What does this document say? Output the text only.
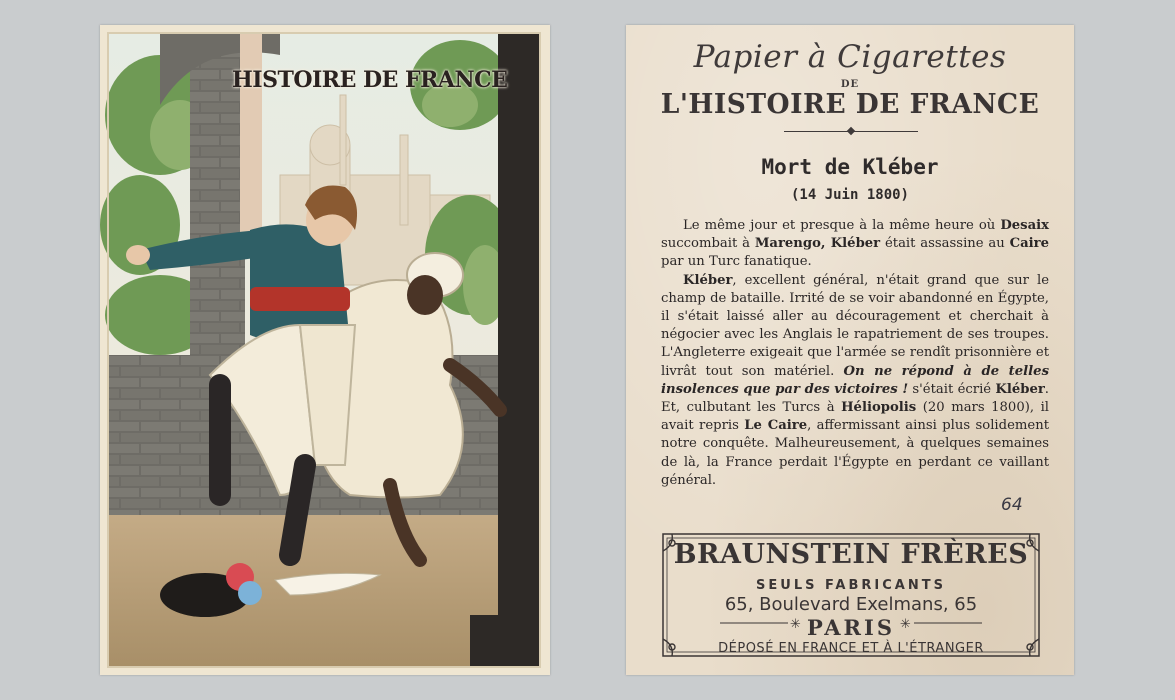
HISTOIRE DE FRANCE
Papier à Cigarettes
DE
L'HISTOIRE DE FRANCE
Mort de Kléber
(14 Juin 1800)

Le même jour et presque à la même heure où Desaix succombait à Marengo, Kléber était assassine au Caire par un Turc fanatique.

Kléber, excellent général, n'était grand que sur le champ de bataille. Irrité de se voir abandonné en Égypte, il s'était laissé aller au découragement et cherchait à négocier avec les Anglais le rapatriement de ses troupes. L'Angleterre exigeait que l'armée se rendît prisonnière et livrât tout son matériel. On ne répond à de telles insolences que par des victoires ! s'était écrié Kléber. Et, culbutant les Turcs à Héliopolis (20 mars 1800), il avait repris Le Caire, affermissant ainsi plus solidement notre conquête. Malheureusement, à quelques semaines de là, la France perdait l'Égypte en perdant ce vaillant général.

64
✳	✳
BRAUNSTEIN FRÈRES
SEULS FABRICANTS
65, Boulevard Exelmans, 65
PARIS
DÉPOSÉ EN FRANCE ET À L'ÉTRANGER
